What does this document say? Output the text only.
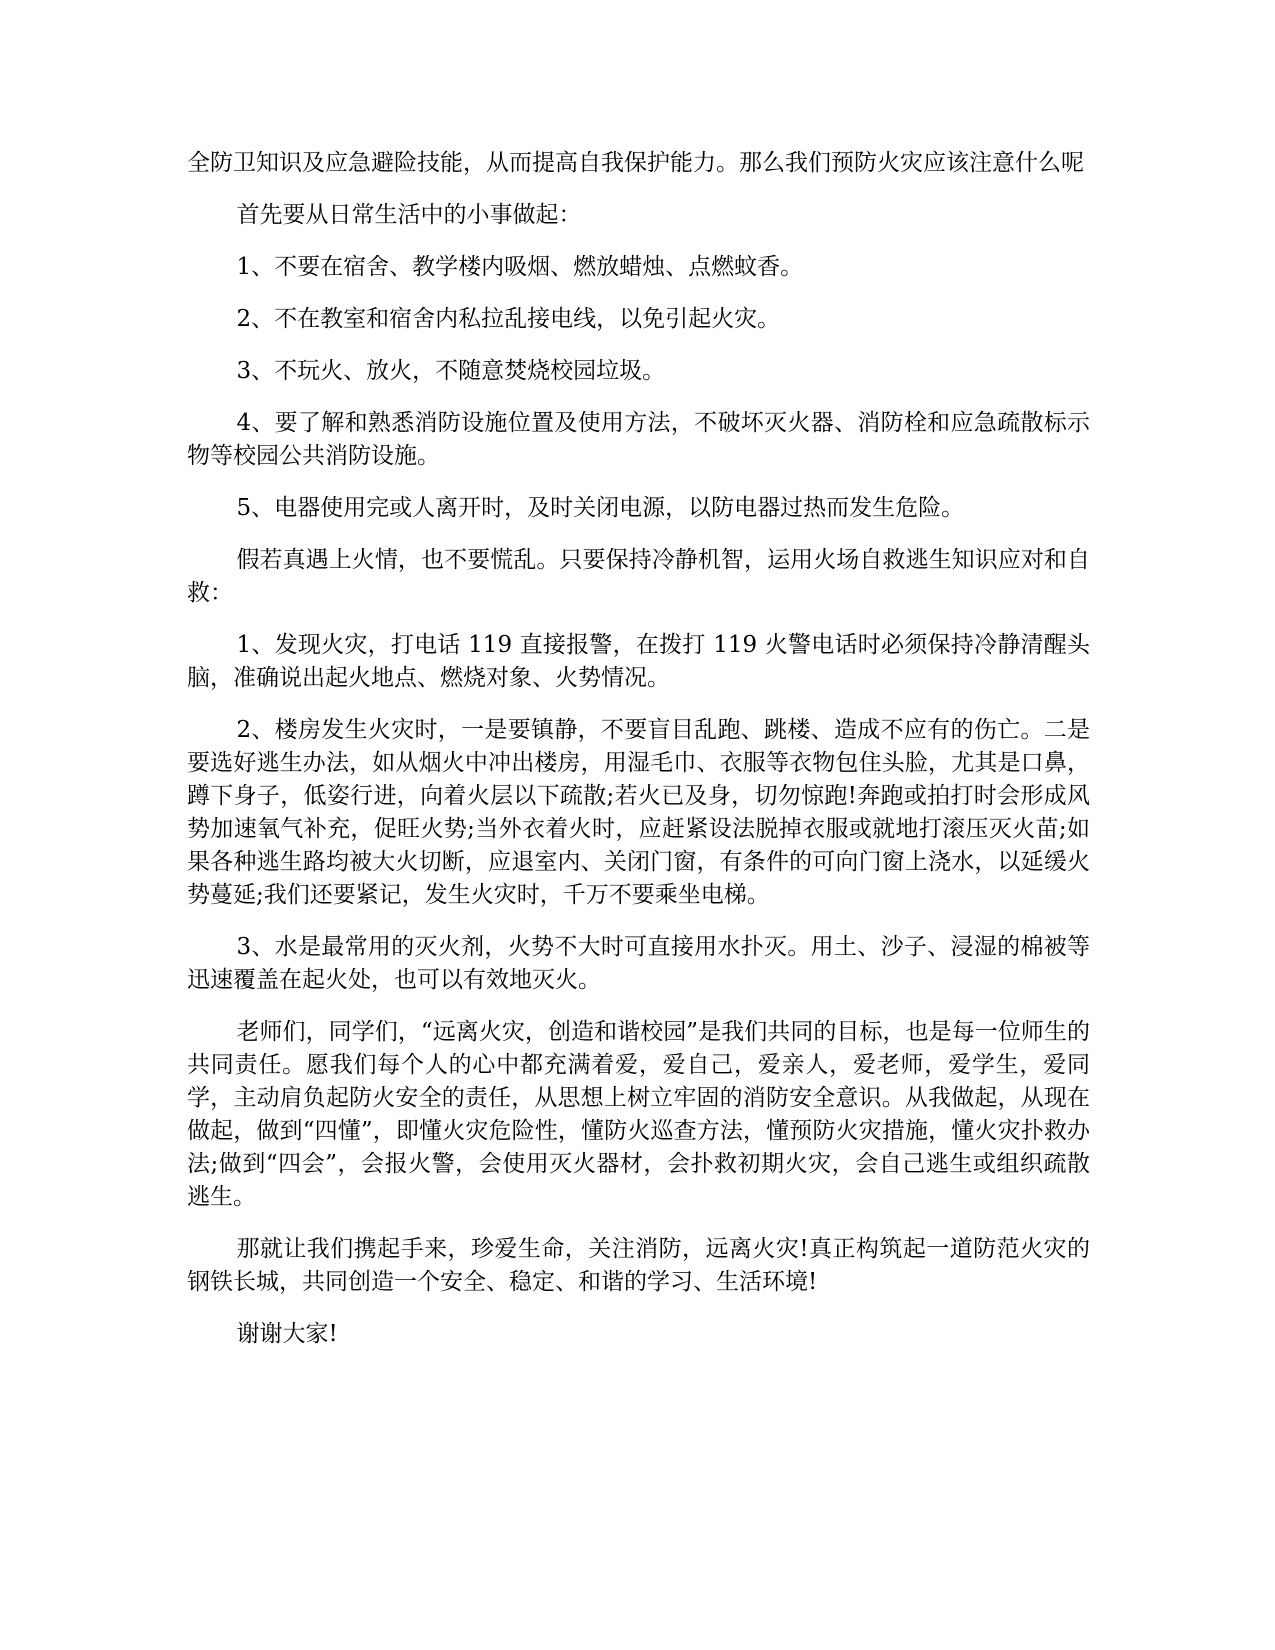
全防卫知识及应急避险技能，从而提高自我保护能力。那么我们预防火灾应该注意什么呢

首先要从日常生活中的小事做起：

1、不要在宿舍、教学楼内吸烟、燃放蜡烛、点燃蚊香。

2、不在教室和宿舍内私拉乱接电线，以免引起火灾。

3、不玩火、放火，不随意焚烧校园垃圾。

4、要了解和熟悉消防设施位置及使用方法，不破坏灭火器、消防栓和应急疏散标示物等校园公共消防设施。

5、电器使用完或人离开时，及时关闭电源，以防电器过热而发生危险。

假若真遇上火情，也不要慌乱。只要保持冷静机智，运用火场自救逃生知识应对和自救：

1、发现火灾，打电话 119 直接报警，在拨打 119 火警电话时必须保持冷静清醒头脑，准确说出起火地点、燃烧对象、火势情况。

2、楼房发生火灾时，一是要镇静，不要盲目乱跑、跳楼、造成不应有的伤亡。二是要选好逃生办法，如从烟火中冲出楼房，用湿毛巾、衣服等衣物包住头脸，尤其是口鼻，蹲下身子，低姿行进，向着火层以下疏散;若火已及身，切勿惊跑!奔跑或拍打时会形成风势加速氧气补充，促旺火势;当外衣着火时，应赶紧设法脱掉衣服或就地打滚压灭火苗;如果各种逃生路均被大火切断，应退室内、关闭门窗，有条件的可向门窗上浇水，以延缓火势蔓延;我们还要紧记，发生火灾时，千万不要乘坐电梯。

3、水是最常用的灭火剂，火势不大时可直接用水扑灭。用土、沙子、浸湿的棉被等迅速覆盖在起火处，也可以有效地灭火。

老师们，同学们，“远离火灾，创造和谐校园”是我们共同的目标，也是每一位师生的共同责任。愿我们每个人的心中都充满着爱，爱自己，爱亲人，爱老师，爱学生，爱同学，主动肩负起防火安全的责任，从思想上树立牢固的消防安全意识。从我做起，从现在做起，做到“四懂”，即懂火灾危险性，懂防火巡查方法，懂预防火灾措施，懂火灾扑救办法;做到“四会”，会报火警，会使用灭火器材，会扑救初期火灾，会自己逃生或组织疏散逃生。

那就让我们携起手来，珍爱生命，关注消防，远离火灾!真正构筑起一道防范火灾的钢铁长城，共同创造一个安全、稳定、和谐的学习、生活环境!

谢谢大家!
